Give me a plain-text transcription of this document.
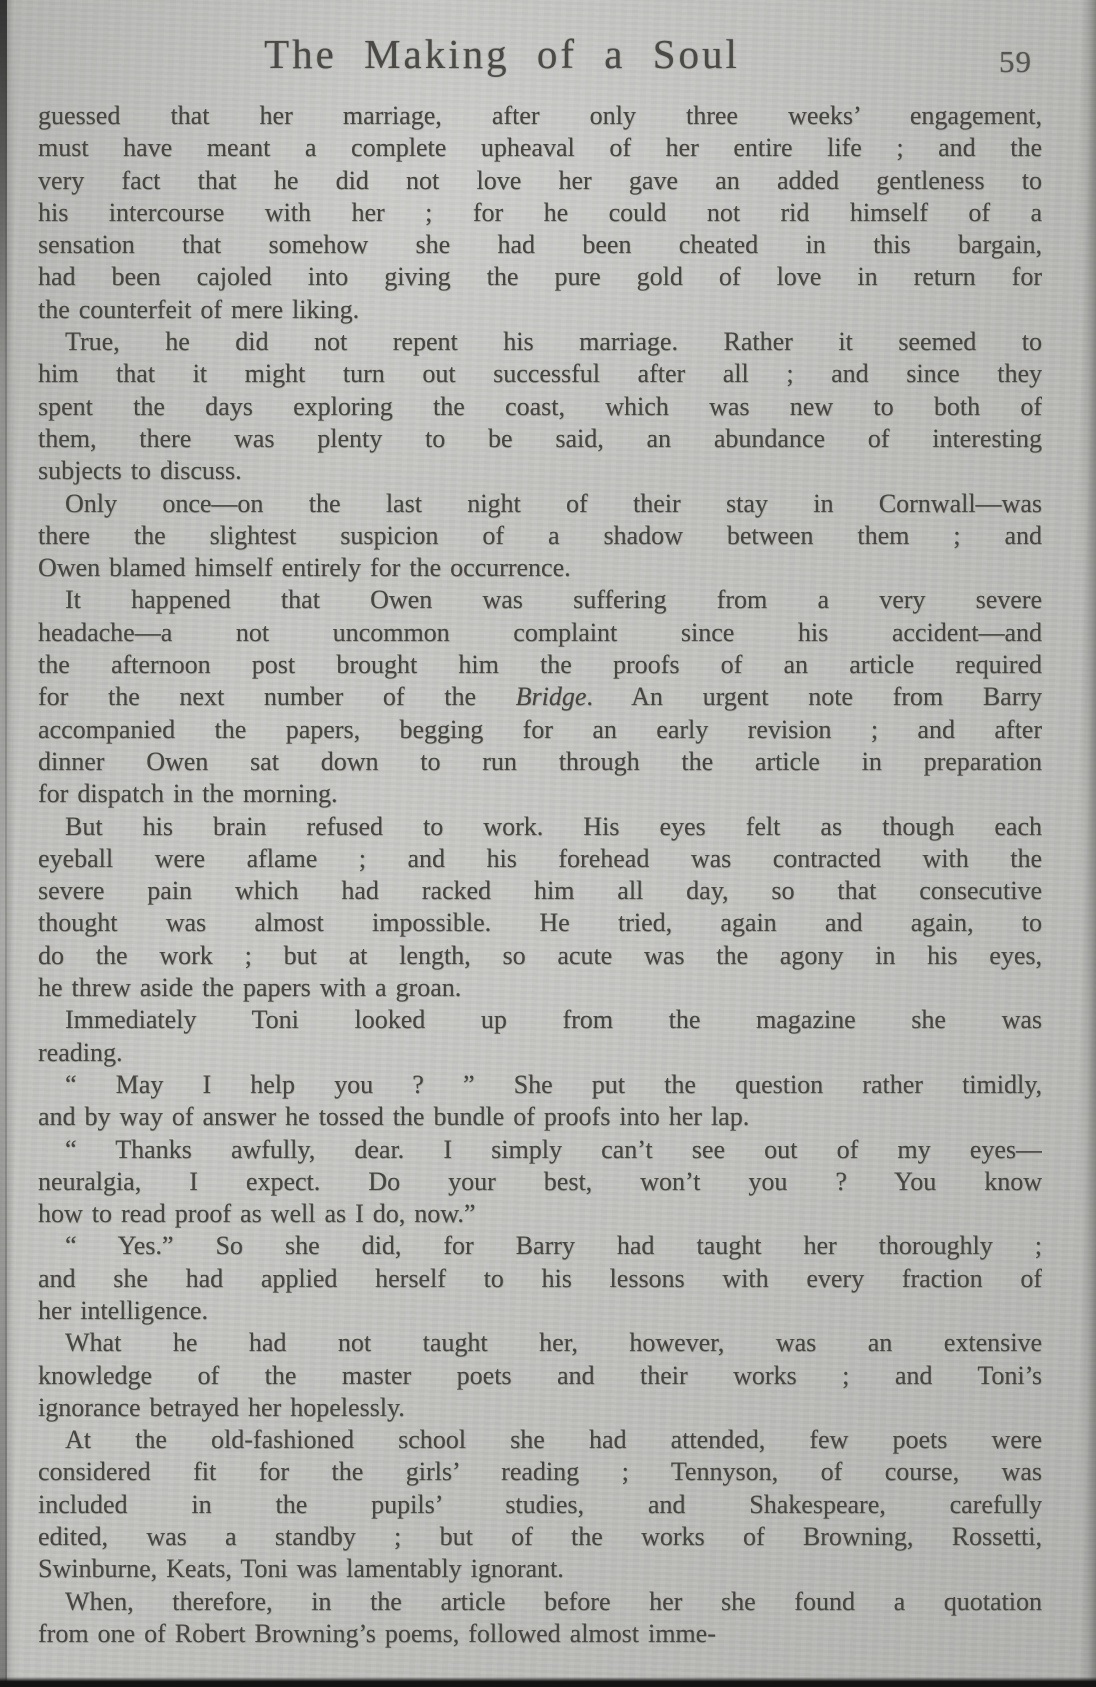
The Making of a Soul	59
guessed that her marriage, after only three weeks’ engagement,
must have meant a complete upheaval of her entire life ; and the
very fact that he did not love her gave an added gentleness to
his intercourse with her ; for he could not rid himself of a
sensation that somehow she had been cheated in this bargain,
had been cajoled into giving the pure gold of love in return for
the counterfeit of mere liking.
True, he did not repent his marriage. Rather it seemed to
him that it might turn out successful after all ; and since they
spent the days exploring the coast, which was new to both of
them, there was plenty to be said, an abundance of interesting
subjects to discuss.
Only once—on the last night of their stay in Cornwall—was
there the slightest suspicion of a shadow between them ; and
Owen blamed himself entirely for the occurrence.
It happened that Owen was suffering from a very severe
headache—a not uncommon complaint since his accident—and
the afternoon post brought him the proofs of an article required
for the next number of the Bridge. An urgent note from Barry
accompanied the papers, begging for an early revision ; and after
dinner Owen sat down to run through the article in preparation
for dispatch in the morning.
But his brain refused to work. His eyes felt as though each
eyeball were aflame ; and his forehead was contracted with the
severe pain which had racked him all day, so that consecutive
thought was almost impossible. He tried, again and again, to
do the work ; but at length, so acute was the agony in his eyes,
he threw aside the papers with a groan.
Immediately Toni looked up from the magazine she was
reading.
“ May I help you ? ” She put the question rather timidly,
and by way of answer he tossed the bundle of proofs into her lap.
“ Thanks awfully, dear. I simply can’t see out of my eyes—
neuralgia, I expect. Do your best, won’t you ? You know
how to read proof as well as I do, now.”
“ Yes.” So she did, for Barry had taught her thoroughly ;
and she had applied herself to his lessons with every fraction of
her intelligence.
What he had not taught her, however, was an extensive
knowledge of the master poets and their works ; and Toni’s
ignorance betrayed her hopelessly.
At the old-fashioned school she had attended, few poets were
considered fit for the girls’ reading ; Tennyson, of course, was
included in the pupils’ studies, and Shakespeare, carefully
edited, was a standby ; but of the works of Browning, Rossetti,
Swinburne, Keats, Toni was lamentably ignorant.
When, therefore, in the article before her she found a quotation
from one of Robert Browning’s poems, followed almost imme-
